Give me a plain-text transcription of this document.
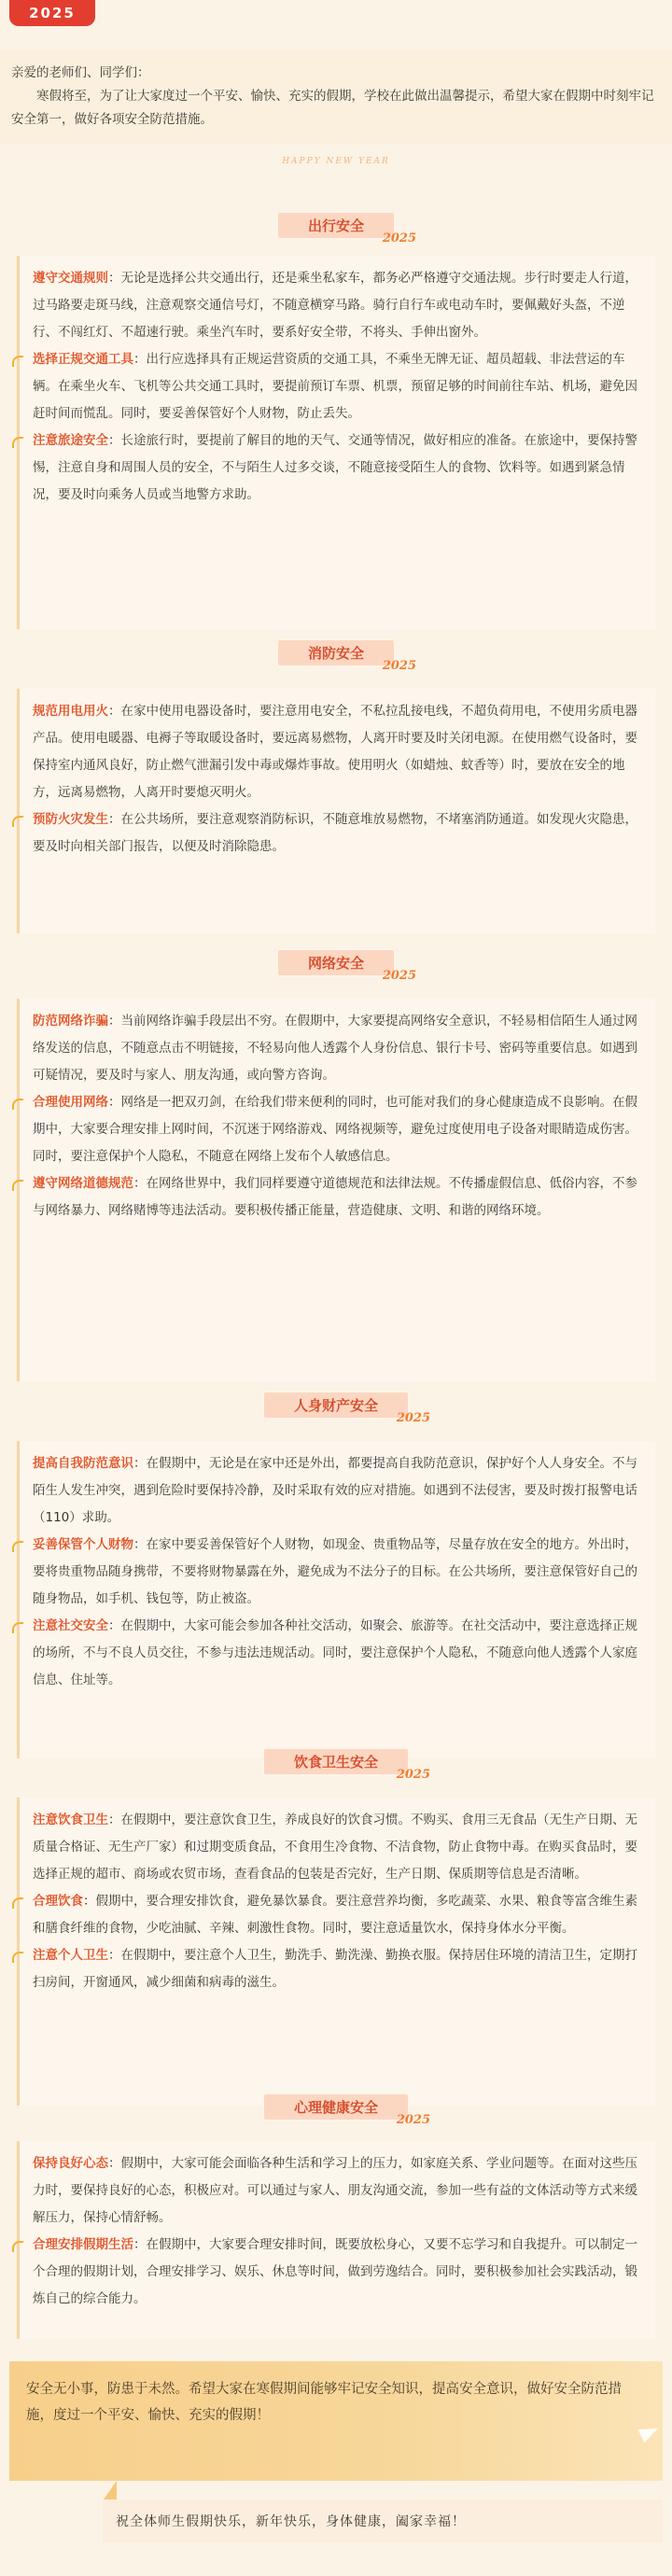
2025

亲爱的老师们、同学们：

寒假将至，为了让大家度过一个平安、愉快、充实的假期，学校在此做出温馨提示，希望大家在假期中时刻牢记安全第一，做好各项安全防范措施。

HAPPY NEW YEAR
出行安全
2025

遵守交通规则：无论是选择公共交通出行，还是乘坐私家车，都务必严格遵守交通法规。步行时要走人行道，过马路要走斑马线，注意观察交通信号灯，不随意横穿马路。骑行自行车或电动车时，要佩戴好头盔，不逆行、不闯红灯、不超速行驶。乘坐汽车时，要系好安全带，不将头、手伸出窗外。

选择正规交通工具：出行应选择具有正规运营资质的交通工具，不乘坐无牌无证、超员超载、非法营运的车辆。在乘坐火车、飞机等公共交通工具时，要提前预订车票、机票，预留足够的时间前往车站、机场，避免因赶时间而慌乱。同时，要妥善保管好个人财物，防止丢失。

注意旅途安全：长途旅行时，要提前了解目的地的天气、交通等情况，做好相应的准备。在旅途中，要保持警惕，注意自身和周围人员的安全，不与陌生人过多交谈，不随意接受陌生人的食物、饮料等。如遇到紧急情况，要及时向乘务人员或当地警方求助。

消防安全
2025

规范用电用火：在家中使用电器设备时，要注意用电安全，不私拉乱接电线，不超负荷用电，不使用劣质电器产品。使用电暖器、电褥子等取暖设备时，要远离易燃物，人离开时要及时关闭电源。在使用燃气设备时，要保持室内通风良好，防止燃气泄漏引发中毒或爆炸事故。使用明火（如蜡烛、蚊香等）时，要放在安全的地方，远离易燃物，人离开时要熄灭明火。

预防火灾发生：在公共场所，要注意观察消防标识，不随意堆放易燃物，不堵塞消防通道。如发现火灾隐患，要及时向相关部门报告，以便及时消除隐患。

网络安全
2025

防范网络诈骗：当前网络诈骗手段层出不穷。在假期中，大家要提高网络安全意识，不轻易相信陌生人通过网络发送的信息，不随意点击不明链接，不轻易向他人透露个人身份信息、银行卡号、密码等重要信息。如遇到可疑情况，要及时与家人、朋友沟通，或向警方咨询。

合理使用网络：网络是一把双刃剑，在给我们带来便利的同时，也可能对我们的身心健康造成不良影响。在假期中，大家要合理安排上网时间，不沉迷于网络游戏、网络视频等，避免过度使用电子设备对眼睛造成伤害。同时，要注意保护个人隐私，不随意在网络上发布个人敏感信息。

遵守网络道德规范：在网络世界中，我们同样要遵守道德规范和法律法规。不传播虚假信息、低俗内容，不参与网络暴力、网络赌博等违法活动。要积极传播正能量，营造健康、文明、和谐的网络环境。

人身财产安全
2025

提高自我防范意识：在假期中，无论是在家中还是外出，都要提高自我防范意识，保护好个人人身安全。不与陌生人发生冲突，遇到危险时要保持冷静，及时采取有效的应对措施。如遇到不法侵害，要及时拨打报警电话（110）求助。

妥善保管个人财物：在家中要妥善保管好个人财物，如现金、贵重物品等，尽量存放在安全的地方。外出时，要将贵重物品随身携带，不要将财物暴露在外，避免成为不法分子的目标。在公共场所，要注意保管好自己的随身物品，如手机、钱包等，防止被盗。

注意社交安全：在假期中，大家可能会参加各种社交活动，如聚会、旅游等。在社交活动中，要注意选择正规的场所，不与不良人员交往，不参与违法违规活动。同时，要注意保护个人隐私，不随意向他人透露个人家庭信息、住址等。

饮食卫生安全
2025

注意饮食卫生：在假期中，要注意饮食卫生，养成良好的饮食习惯。不购买、食用三无食品（无生产日期、无质量合格证、无生产厂家）和过期变质食品，不食用生冷食物、不洁食物，防止食物中毒。在购买食品时，要选择正规的超市、商场或农贸市场，查看食品的包装是否完好，生产日期、保质期等信息是否清晰。

合理饮食：假期中，要合理安排饮食，避免暴饮暴食。要注意营养均衡，多吃蔬菜、水果、粮食等富含维生素和膳食纤维的食物，少吃油腻、辛辣、刺激性食物。同时，要注意适量饮水，保持身体水分平衡。

注意个人卫生：在假期中，要注意个人卫生，勤洗手、勤洗澡、勤换衣服。保持居住环境的清洁卫生，定期打扫房间，开窗通风，减少细菌和病毒的滋生。

心理健康安全
2025

保持良好心态：假期中，大家可能会面临各种生活和学习上的压力，如家庭关系、学业问题等。在面对这些压力时，要保持良好的心态，积极应对。可以通过与家人、朋友沟通交流，参加一些有益的文体活动等方式来缓解压力，保持心情舒畅。

合理安排假期生活：在假期中，大家要合理安排时间，既要放松身心，又要不忘学习和自我提升。可以制定一个合理的假期计划，合理安排学习、娱乐、休息等时间，做到劳逸结合。同时，要积极参加社会实践活动，锻炼自己的综合能力。

安全无小事，防患于未然。希望大家在寒假期间能够牢记安全知识，提高安全意识，做好安全防范措施，度过一个平安、愉快、充实的假期！
祝全体师生假期快乐，新年快乐，身体健康，阖家幸福！
